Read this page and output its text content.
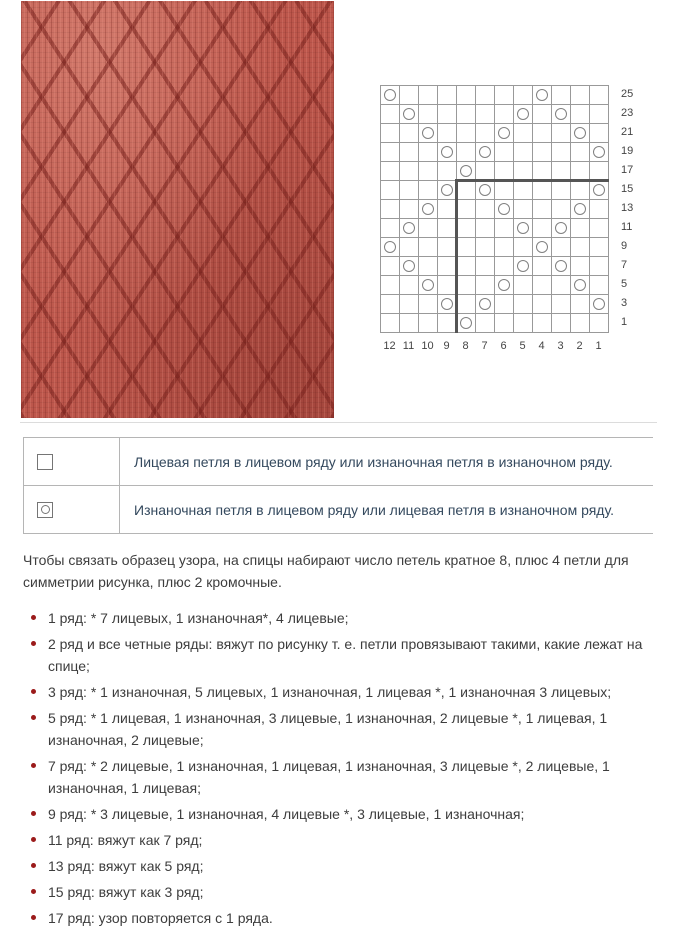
25
23
21
19
17
15
13
11
9
7
5
3
1
12 11 10 9	8	7	6	5	4	3	2	1
	Лицевая петля в лицевом ряду или изнаночная петля в изнаночном ряду.

	Изнаночная петля в лицевом ряду или лицевая петля в изнаночном ряду.

Чтобы связать образец узора, на спицы набирают число петель кратное 8, плюс 4 петли для симметрии рисунка, плюс 2 кромочные.

1 ряд: * 7 лицевых, 1 изнаночная*, 4 лицевые;
2 ряд и все четные ряды: вяжут по рисунку т. е. петли провязывают такими, какие лежат на спице;
3 ряд: * 1 изнаночная, 5 лицевых, 1 изнаночная, 1 лицевая *, 1 изнаночная 3 лицевых;
5 ряд: * 1 лицевая, 1 изнаночная, 3 лицевые, 1 изнаночная, 2 лицевые *, 1 лицевая, 1 изнаночная, 2 лицевые;
7 ряд: * 2 лицевые, 1 изнаночная, 1 лицевая, 1 изнаночная, 3 лицевые *, 2 лицевые, 1 изнаночная, 1 лицевая;
9 ряд: * 3 лицевые, 1 изнаночная, 4 лицевые *, 3 лицевые, 1 изнаночная;
11 ряд: вяжут как 7 ряд;
13 ряд: вяжут как 5 ряд;
15 ряд: вяжут как 3 ряд;
17 ряд: узор повторяется с 1 ряда.
